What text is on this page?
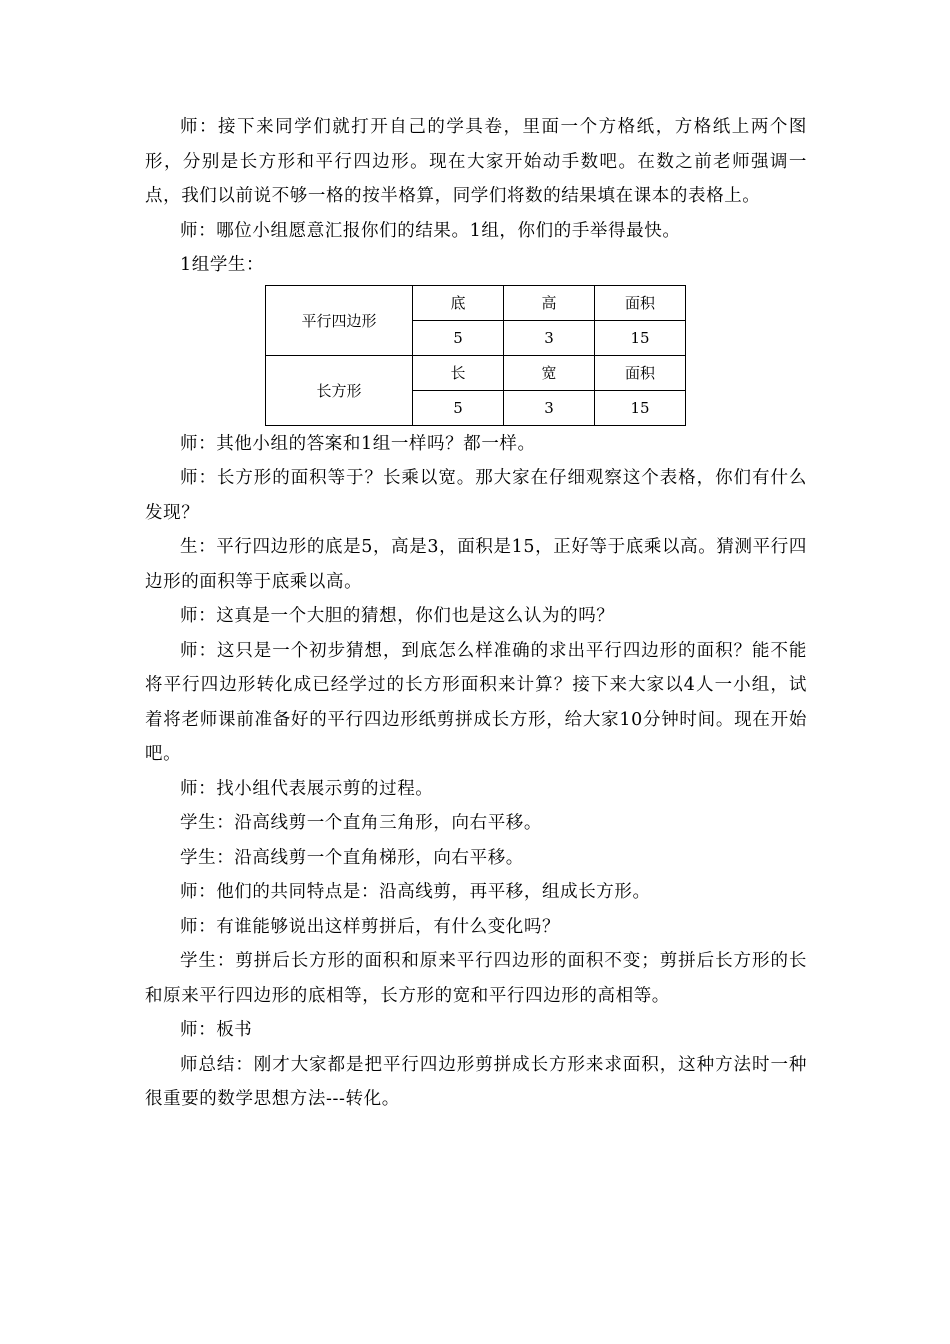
师：接下来同学们就打开自己的学具卷，里面一个方格纸，方格纸上两个图形，分别是长方形和平行四边形。现在大家开始动手数吧。在数之前老师强调一点，我们以前说不够一格的按半格算，同学们将数的结果填在课本的表格上。

师：哪位小组愿意汇报你们的结果。1组，你们的手举得最快。

1组学生：

平行四边形	底	高	面积
	5	3	15
长方形	长	宽	面积
	5	3	15

师：其他小组的答案和1组一样吗？都一样。

师：长方形的面积等于？长乘以宽。那大家在仔细观察这个表格，你们有什么发现？

生：平行四边形的底是5，高是3，面积是15，正好等于底乘以高。猜测平行四边形的面积等于底乘以高。

师：这真是一个大胆的猜想，你们也是这么认为的吗？

师：这只是一个初步猜想，到底怎么样准确的求出平行四边形的面积？能不能将平行四边形转化成已经学过的长方形面积来计算？接下来大家以4人一小组，试着将老师课前准备好的平行四边形纸剪拼成长方形，给大家10分钟时间。现在开始吧。

师：找小组代表展示剪的过程。

学生：沿高线剪一个直角三角形，向右平移。

学生：沿高线剪一个直角梯形，向右平移。

师：他们的共同特点是：沿高线剪，再平移，组成长方形。

师：有谁能够说出这样剪拼后，有什么变化吗？

学生：剪拼后长方形的面积和原来平行四边形的面积不变；剪拼后长方形的长和原来平行四边形的底相等，长方形的宽和平行四边形的高相等。

师：板书

师总结：刚才大家都是把平行四边形剪拼成长方形来求面积，这种方法时一种很重要的数学思想方法---转化。
